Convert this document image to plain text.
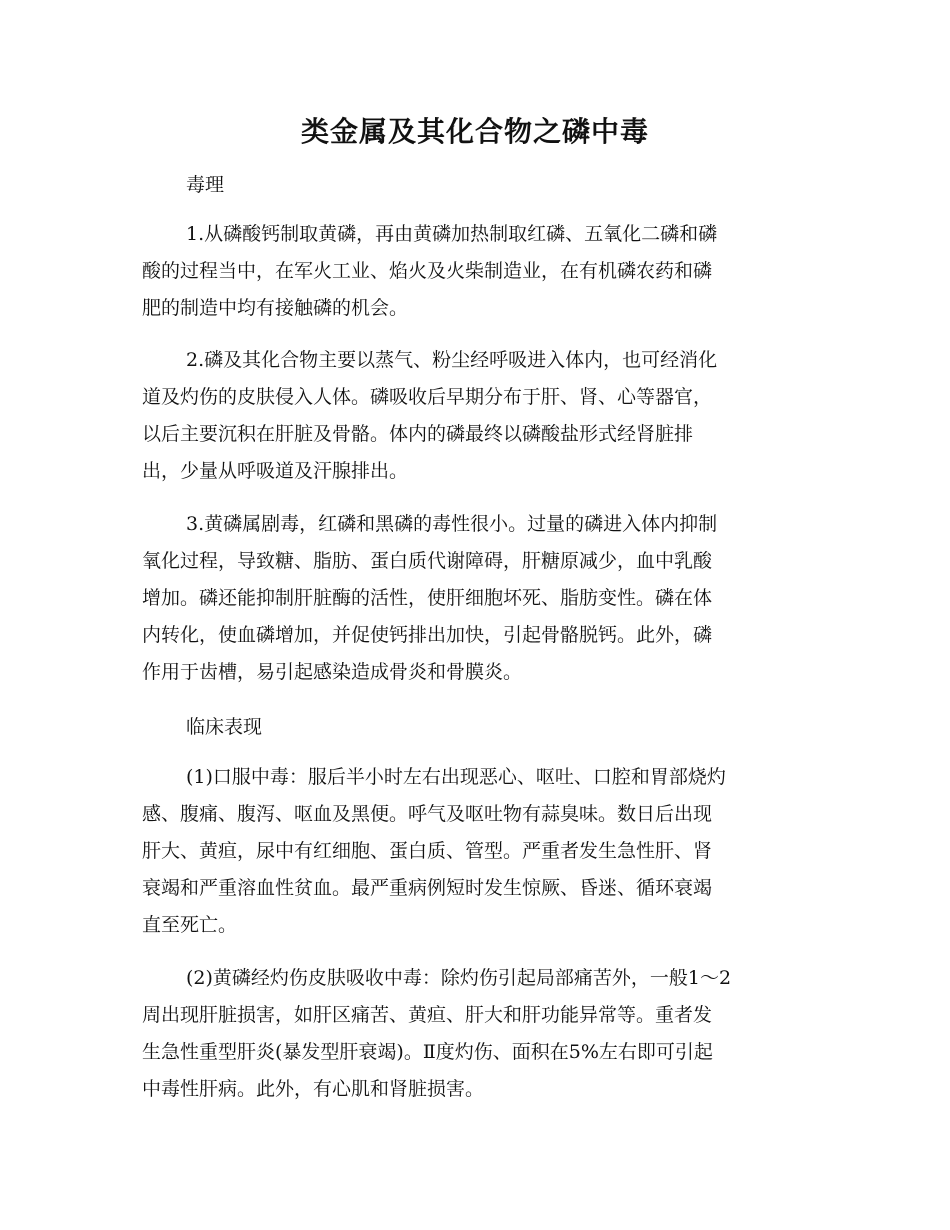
类金属及其化合物之磷中毒

毒理

1.从磷酸钙制取黄磷，再由黄磷加热制取红磷、五氧化二磷和磷
酸的过程当中，在军火工业、焰火及火柴制造业，在有机磷农药和磷
肥的制造中均有接触磷的机会。

2.磷及其化合物主要以蒸气、粉尘经呼吸进入体内，也可经消化
道及灼伤的皮肤侵入人体。磷吸收后早期分布于肝、肾、心等器官，
以后主要沉积在肝脏及骨骼。体内的磷最终以磷酸盐形式经肾脏排
出，少量从呼吸道及汗腺排出。

3.黄磷属剧毒，红磷和黑磷的毒性很小。过量的磷进入体内抑制
氧化过程，导致糖、脂肪、蛋白质代谢障碍，肝糖原减少，血中乳酸
增加。磷还能抑制肝脏酶的活性，使肝细胞坏死、脂肪变性。磷在体
内转化，使血磷增加，并促使钙排出加快，引起骨骼脱钙。此外，磷
作用于齿槽，易引起感染造成骨炎和骨膜炎。

临床表现

(1)口服中毒：服后半小时左右出现恶心、呕吐、口腔和胃部烧灼
感、腹痛、腹泻、呕血及黑便。呼气及呕吐物有蒜臭味。数日后出现
肝大、黄疸，尿中有红细胞、蛋白质、管型。严重者发生急性肝、肾
衰竭和严重溶血性贫血。最严重病例短时发生惊厥、昏迷、循环衰竭
直至死亡。

(2)黄磷经灼伤皮肤吸收中毒：除灼伤引起局部痛苦外，一般1～2
周出现肝脏损害，如肝区痛苦、黄疸、肝大和肝功能异常等。重者发
生急性重型肝炎(暴发型肝衰竭)。Ⅱ度灼伤、面积在5%左右即可引起
中毒性肝病。此外，有心肌和肾脏损害。
